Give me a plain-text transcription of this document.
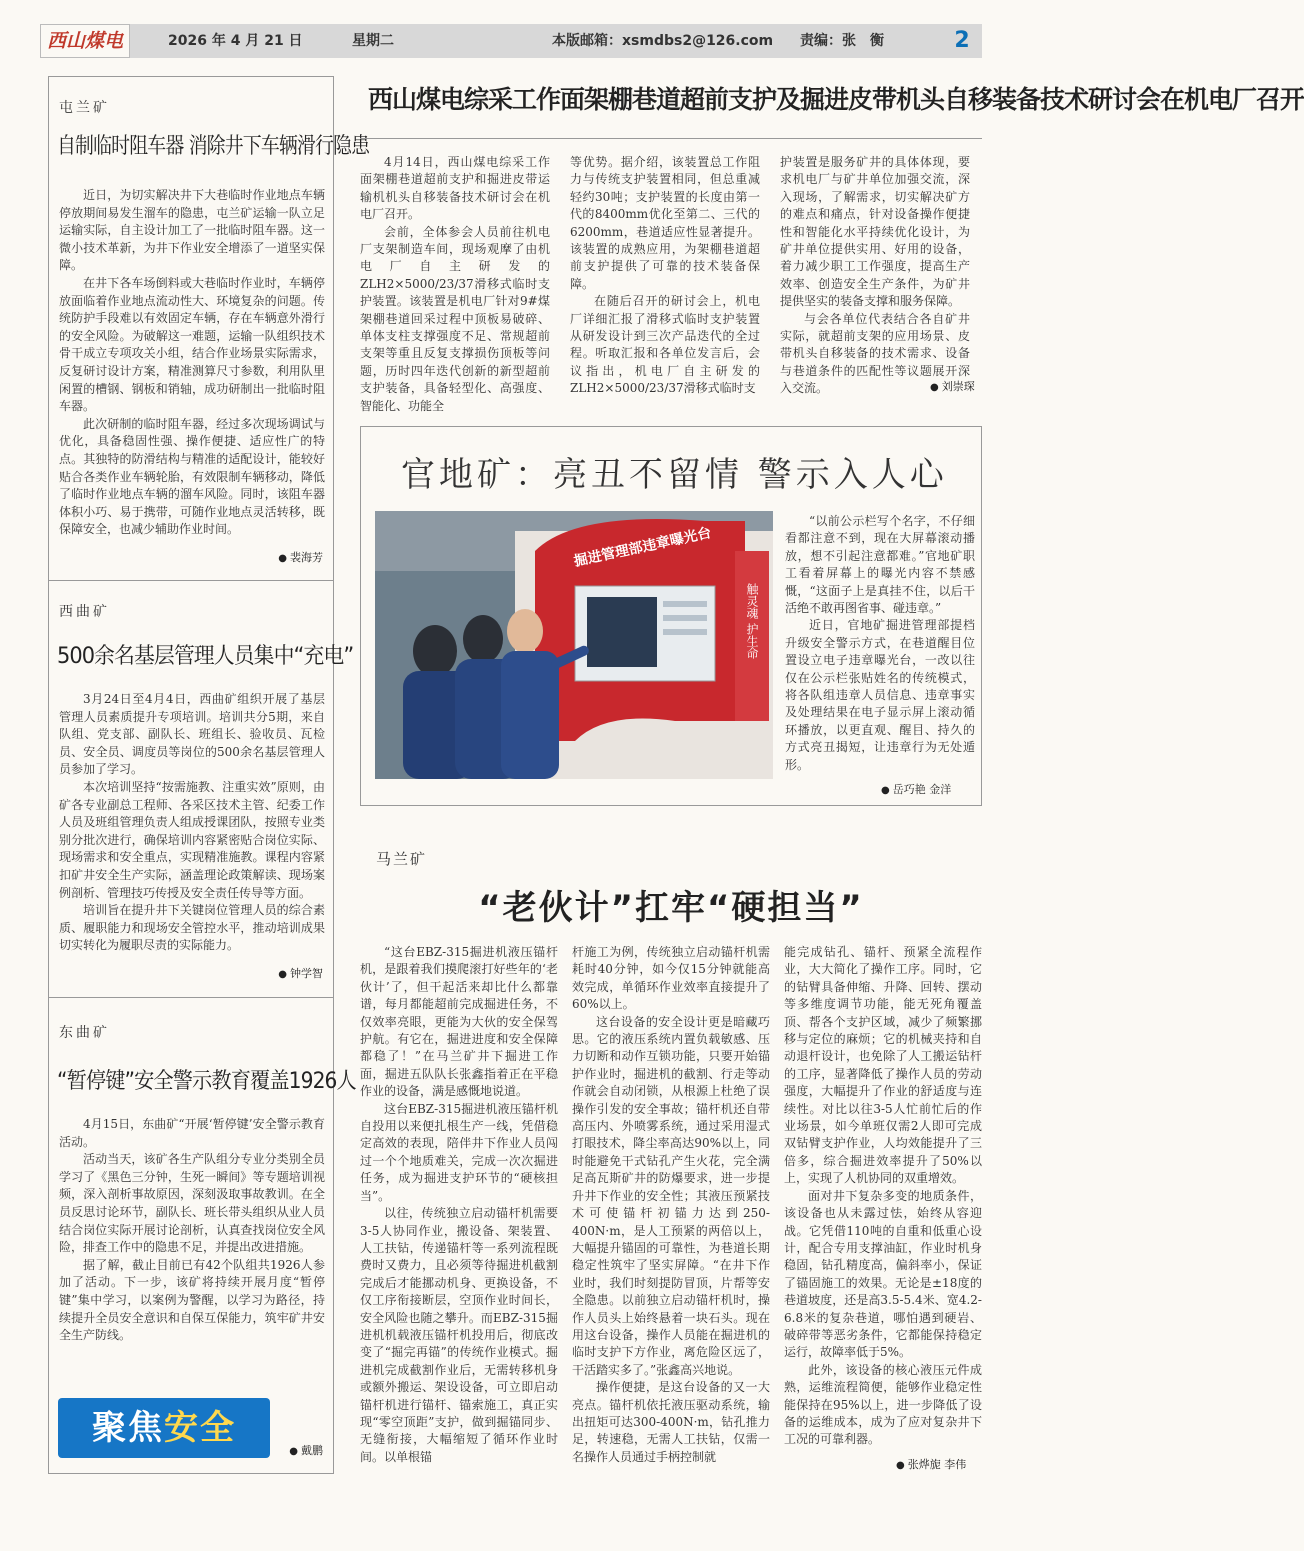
西山煤电	2026 年 4 月 21 日	星期二	本版邮箱：xsmdbs2@126.com 责编：张　衡	2
屯兰矿
自制临时阻车器 消除井下车辆滑行隐患

近日，为切实解决井下大巷临时作业地点车辆停放期间易发生溜车的隐患，屯兰矿运输一队立足运输实际，自主设计加工了一批临时阻车器。这一微小技术革新，为井下作业安全增添了一道坚实保障。

在井下各车场倒料或大巷临时作业时，车辆停放面临着作业地点流动性大、环境复杂的问题。传统防护手段难以有效固定车辆，存在车辆意外滑行的安全风险。为破解这一难题，运输一队组织技术骨干成立专项攻关小组，结合作业场景实际需求，反复研讨设计方案，精准测算尺寸参数，利用队里闲置的槽钢、钢板和销轴，成功研制出一批临时阻车器。

此次研制的临时阻车器，经过多次现场调试与优化，具备稳固性强、操作便捷、适应性广的特点。其独特的防滑结构与精准的适配设计，能较好贴合各类作业车辆轮胎，有效限制车辆移动，降低了临时作业地点车辆的溜车风险。同时，该阻车器体积小巧、易于携带，可随作业地点灵活转移，既保障安全，也减少辅助作业时间。

● 裴海芳
西曲矿
500余名基层管理人员集中“充电”

3月24日至4月4日，西曲矿组织开展了基层管理人员素质提升专项培训。培训共分5期，来自队组、党支部、副队长、班组长、验收员、瓦检员、安全员、调度员等岗位的500余名基层管理人员参加了学习。

本次培训坚持“按需施教、注重实效”原则，由矿各专业副总工程师、各采区技术主管、纪委工作人员及班组管理负责人组成授课团队，按照专业类别分批次进行，确保培训内容紧密贴合岗位实际、现场需求和安全重点，实现精准施教。课程内容紧扣矿井安全生产实际，涵盖理论政策解读、现场案例剖析、管理技巧传授及安全责任传导等方面。

培训旨在提升井下关键岗位管理人员的综合素质、履职能力和现场安全管控水平，推动培训成果切实转化为履职尽责的实际能力。

● 钟学智
东曲矿
“暂停键”安全警示教育覆盖1926人

4月15日，东曲矿“开展‘暂停键’安全警示教育活动。

活动当天，该矿各生产队组分专业分类别全员学习了《黑色三分钟，生死一瞬间》等专题培训视频，深入剖析事故原因，深刻汲取事故教训。在全员反思讨论环节，副队长、班长带头组织从业人员结合岗位实际开展讨论剖析，认真查找岗位安全风险，排查工作中的隐患不足，并提出改进措施。

据了解，截止目前已有42个队组共1926人参加了活动。下一步，该矿将持续开展月度“暂停键”集中学习，以案例为警醒，以学习为路径，持续提升全员安全意识和自保互保能力，筑牢矿井安全生产防线。

● 戴鹏
聚焦安全
西山煤电综采工作面架棚巷道超前支护及掘进皮带机头自移装备技术研讨会在机电厂召开

4月14日，西山煤电综采工作面架棚巷道超前支护和掘进皮带运输机机头自移装备技术研讨会在机电厂召开。

会前，全体参会人员前往机电厂支架制造车间，现场观摩了由机电厂自主研发的ZLH2×5000/23/37滑移式临时支护装置。该装置是机电厂针对9#煤架棚巷道回采过程中顶板易破碎、单体支柱支撑强度不足、常规超前支架等重且反复支撑损伤顶板等问题，历时四年迭代创新的新型超前支护装备，具备轻型化、高强度、智能化、功能全

等优势。据介绍，该装置总工作阻力与传统支护装置相同，但总重减轻约30吨；支护装置的长度由第一代的8400mm优化至第二、三代的6200mm，巷道适应性显著提升。该装置的成熟应用，为架棚巷道超前支护提供了可靠的技术装备保障。

在随后召开的研讨会上，机电厂详细汇报了滑移式临时支护装置从研发设计到三次产品迭代的全过程。听取汇报和各单位发言后，会议指出，机电厂自主研发的ZLH2×5000/23/37滑移式临时支

护装置是服务矿井的具体体现，要求机电厂与矿井单位加强交流，深入现场，了解需求，切实解决矿方的难点和痛点，针对设备操作便捷性和智能化水平持续优化设计，为矿井单位提供实用、好用的设备，着力减少职工工作强度，提高生产效率、创造安全生产条件，为矿井提供坚实的装备支撑和服务保障。

与会各单位代表结合各自矿井实际，就超前支架的应用场景、皮带机头自移装备的技术需求、设备与巷道条件的匹配性等议题展开深入交流。

●	刘崇琛
官地矿：亮丑不留情 警示入人心
掘进管理部违章曝光台
触灵魂 护生命

“以前公示栏写个名字，不仔细看都注意不到，现在大屏幕滚动播放，想不引起注意都难。”官地矿职工看着屏幕上的曝光内容不禁感慨，“这面子上是真挂不住，以后干活绝不敢再图省事、碰违章。”

近日，官地矿掘进管理部提档升级安全警示方式，在巷道醒目位置设立电子违章曝光台，一改以往仅在公示栏张贴姓名的传统模式，将各队组违章人员信息、违章事实及处理结果在电子显示屏上滚动循环播放，以更直观、醒目、持久的方式亮丑揭短，让违章行为无处遁形。

● 岳巧艳 金洋
马兰矿
“老伙计”扛牢“硬担当”

“这台EBZ-315掘进机液压锚杆机，是跟着我们摸爬滚打好些年的‘老伙计’了，但干起活来却比什么都靠谱，每月都能超前完成掘进任务，不仅效率亮眼，更能为大伙的安全保驾护航。有它在，掘进进度和安全保障都稳了！”在马兰矿井下掘进工作面，掘进五队队长张鑫指着正在平稳作业的设备，满是感慨地说道。

这台EBZ-315掘进机液压锚杆机自投用以来便扎根生产一线，凭借稳定高效的表现，陪伴井下作业人员闯过一个个地质难关，完成一次次掘进任务，成为掘进支护环节的“硬核担当”。

以往，传统独立启动锚杆机需要3-5人协同作业，搬设备、架装置、人工扶钻，传递锚杆等一系列流程既费时又费力，且必须等待掘进机截割完成后才能挪动机身、更换设备，不仅工序衔接断层，空顶作业时间长，安全风险也随之攀升。而EBZ-315掘进机机载液压锚杆机投用后，彻底改变了“掘完再锚”的传统作业模式。掘进机完成截割作业后，无需转移机身或额外搬运、架设设备，可立即启动锚杆机进行锚杆、锚索施工，真正实现“零空顶距”支护，做到掘锚同步、无缝衔接，大幅缩短了循环作业时间。以单根锚

杆施工为例，传统独立启动锚杆机需耗时40分钟，如今仅15分钟就能高效完成，单循环作业效率直接提升了60%以上。

这台设备的安全设计更是暗藏巧思。它的液压系统内置负载敏感、压力切断和动作互锁功能，只要开始锚护作业时，掘进机的截割、行走等动作就会自动闭锁，从根源上杜绝了误操作引发的安全事故；锚杆机还自带高压内、外喷雾系统，通过采用湿式打眼技术，降尘率高达90%以上，同时能避免干式钻孔产生火花，完全满足高瓦斯矿井的防爆要求，进一步提升井下作业的安全性；其液压预紧技术可使锚杆初锚力达到250-400N·m，是人工预紧的两倍以上，大幅提升锚固的可靠性，为巷道长期稳定性筑牢了坚实屏障。“在井下作业时，我们时刻提防冒顶，片帮等安全隐患。以前独立启动锚杆机时，操作人员头上始终悬着一块石头。现在用这台设备，操作人员能在掘进机的临时支护下方作业，离危险区远了，干活踏实多了。”张鑫高兴地说。

操作便捷，是这台设备的又一大亮点。锚杆机依托液压驱动系统，输出扭矩可达300-400N·m，钻孔推力足，转速稳，无需人工扶钻，仅需一名操作人员通过手柄控制就

能完成钻孔、锚杆、预紧全流程作业，大大简化了操作工序。同时，它的钻臂具备伸缩、升降、回转、摆动等多维度调节功能，能无死角覆盖顶、帮各个支护区域，减少了频繁挪移与定位的麻烦；它的机械夹持和自动退杆设计，也免除了人工搬运钻杆的工序，显著降低了操作人员的劳动强度，大幅提升了作业的舒适度与连续性。对比以往3-5人忙前忙后的作业场景，如今单班仅需2人即可完成双钻臂支护作业，人均效能提升了三倍多，综合掘进效率提升了50%以上，实现了人机协同的双重增效。

面对井下复杂多变的地质条件，该设备也从未露过怯，始终从容迎战。它凭借110吨的自重和低重心设计，配合专用支撑油缸，作业时机身稳固，钻孔精度高，偏斜率小，保证了锚固施工的效果。无论是±18度的巷道坡度，还是高3.5-5.4米、宽4.2-6.8米的复杂巷道，哪怕遇到硬岩、破碎带等恶劣条件，它都能保持稳定运行，故障率低于5%。

此外，该设备的核心液压元件成熟，运维流程简便，能够作业稳定性能保持在95%以上，进一步降低了设备的运维成本，成为了应对复杂井下工况的可靠利器。

● 张烨旎 李伟
